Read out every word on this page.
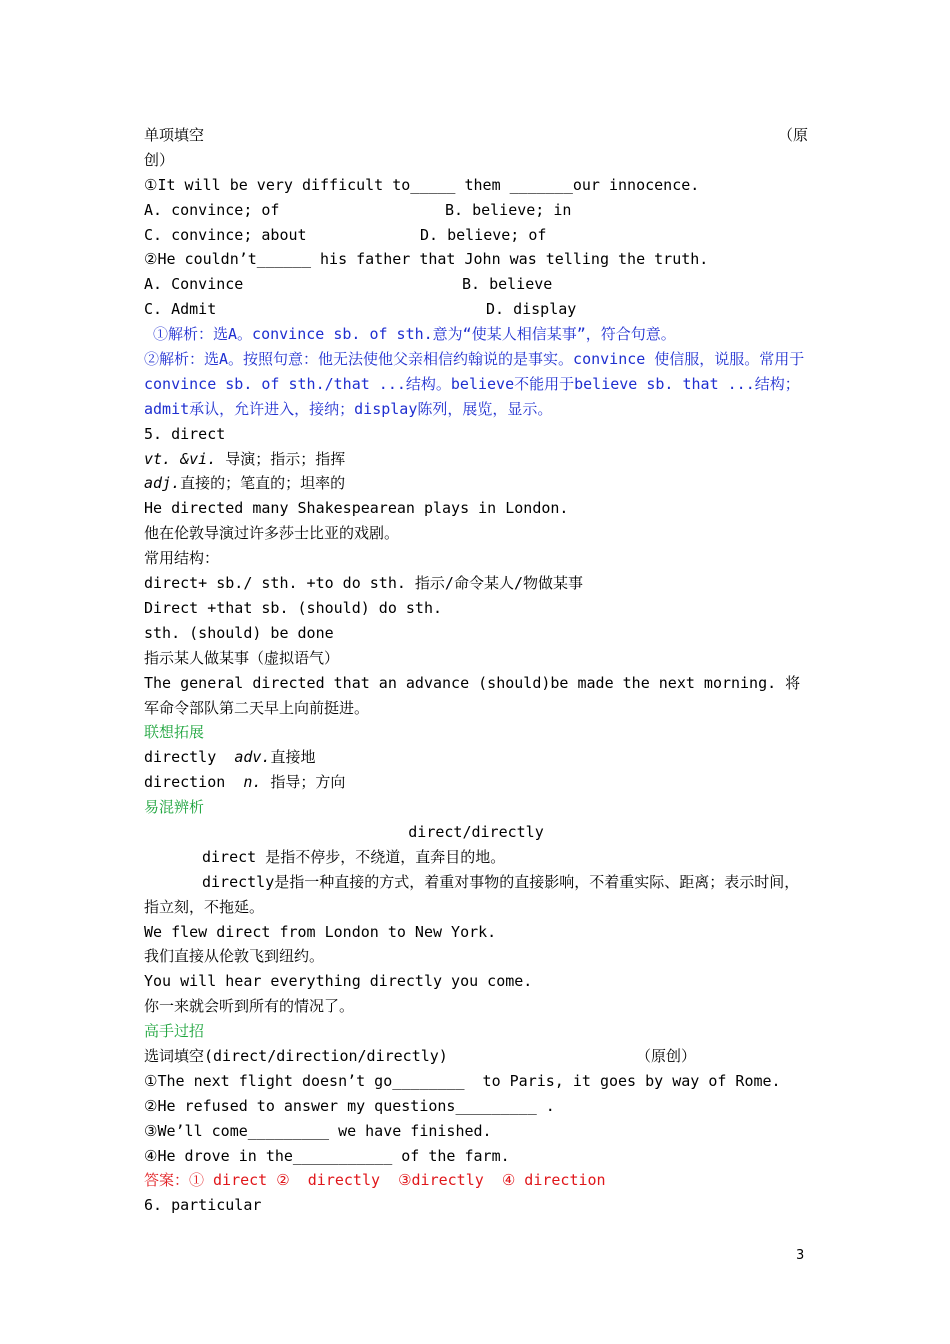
单项填空	（原
创）
①It will be very difficult to_____ them _______our innocence.
A. convince; of	B. believe; in
C. convince; about	D. believe; of
②He couldn’t______ his father that John was telling the truth.
A. Convince	B. believe
C. Admit	D. display
①解析：选A。convince sb. of sth.意为“使某人相信某事”，符合句意。
②解析：选A。按照句意：他无法使他父亲相信约翰说的是事实。convince 使信服，说服。常用于convince sb. of sth./that ...结构。believe不能用于believe sb. that ...结构；admit承认，允许进入，接纳；display陈列，展览，显示。
5. direct
vt. &vi. 导演；指示；指挥
adj.直接的；笔直的；坦率的
He directed many Shakespearean plays in London.
他在伦敦导演过许多莎士比亚的戏剧。
常用结构：
direct+ sb./ sth. +to do sth. 指示/命令某人/物做某事
Direct +that sb. (should) do sth.
sth. (should) be done
指示某人做某事（虚拟语气）
The general directed that an advance (should)be made the next morning. 将军命令部队第二天早上向前挺进。
联想拓展
directly  adv.直接地
direction  n. 指导；方向
易混辨析
direct/directly
direct 是指不停步，不绕道，直奔目的地。
directly是指一种直接的方式，着重对事物的直接影响，不着重实际、距离；表示时间，指立刻，不拖延。
We flew direct from London to New York.
我们直接从伦敦飞到纽约。
You will hear everything directly you come.
你一来就会听到所有的情况了。
高手过招
选词填空(direct/direction/directly)	（原创）
①The next flight doesn’t go________  to Paris, it goes by way of Rome.
②He refused to answer my questions_________ .
③We’ll come_________ we have finished.
④He drove in the___________ of the farm.
答案：① direct ②  directly  ③directly  ④ direction
6. particular
3
